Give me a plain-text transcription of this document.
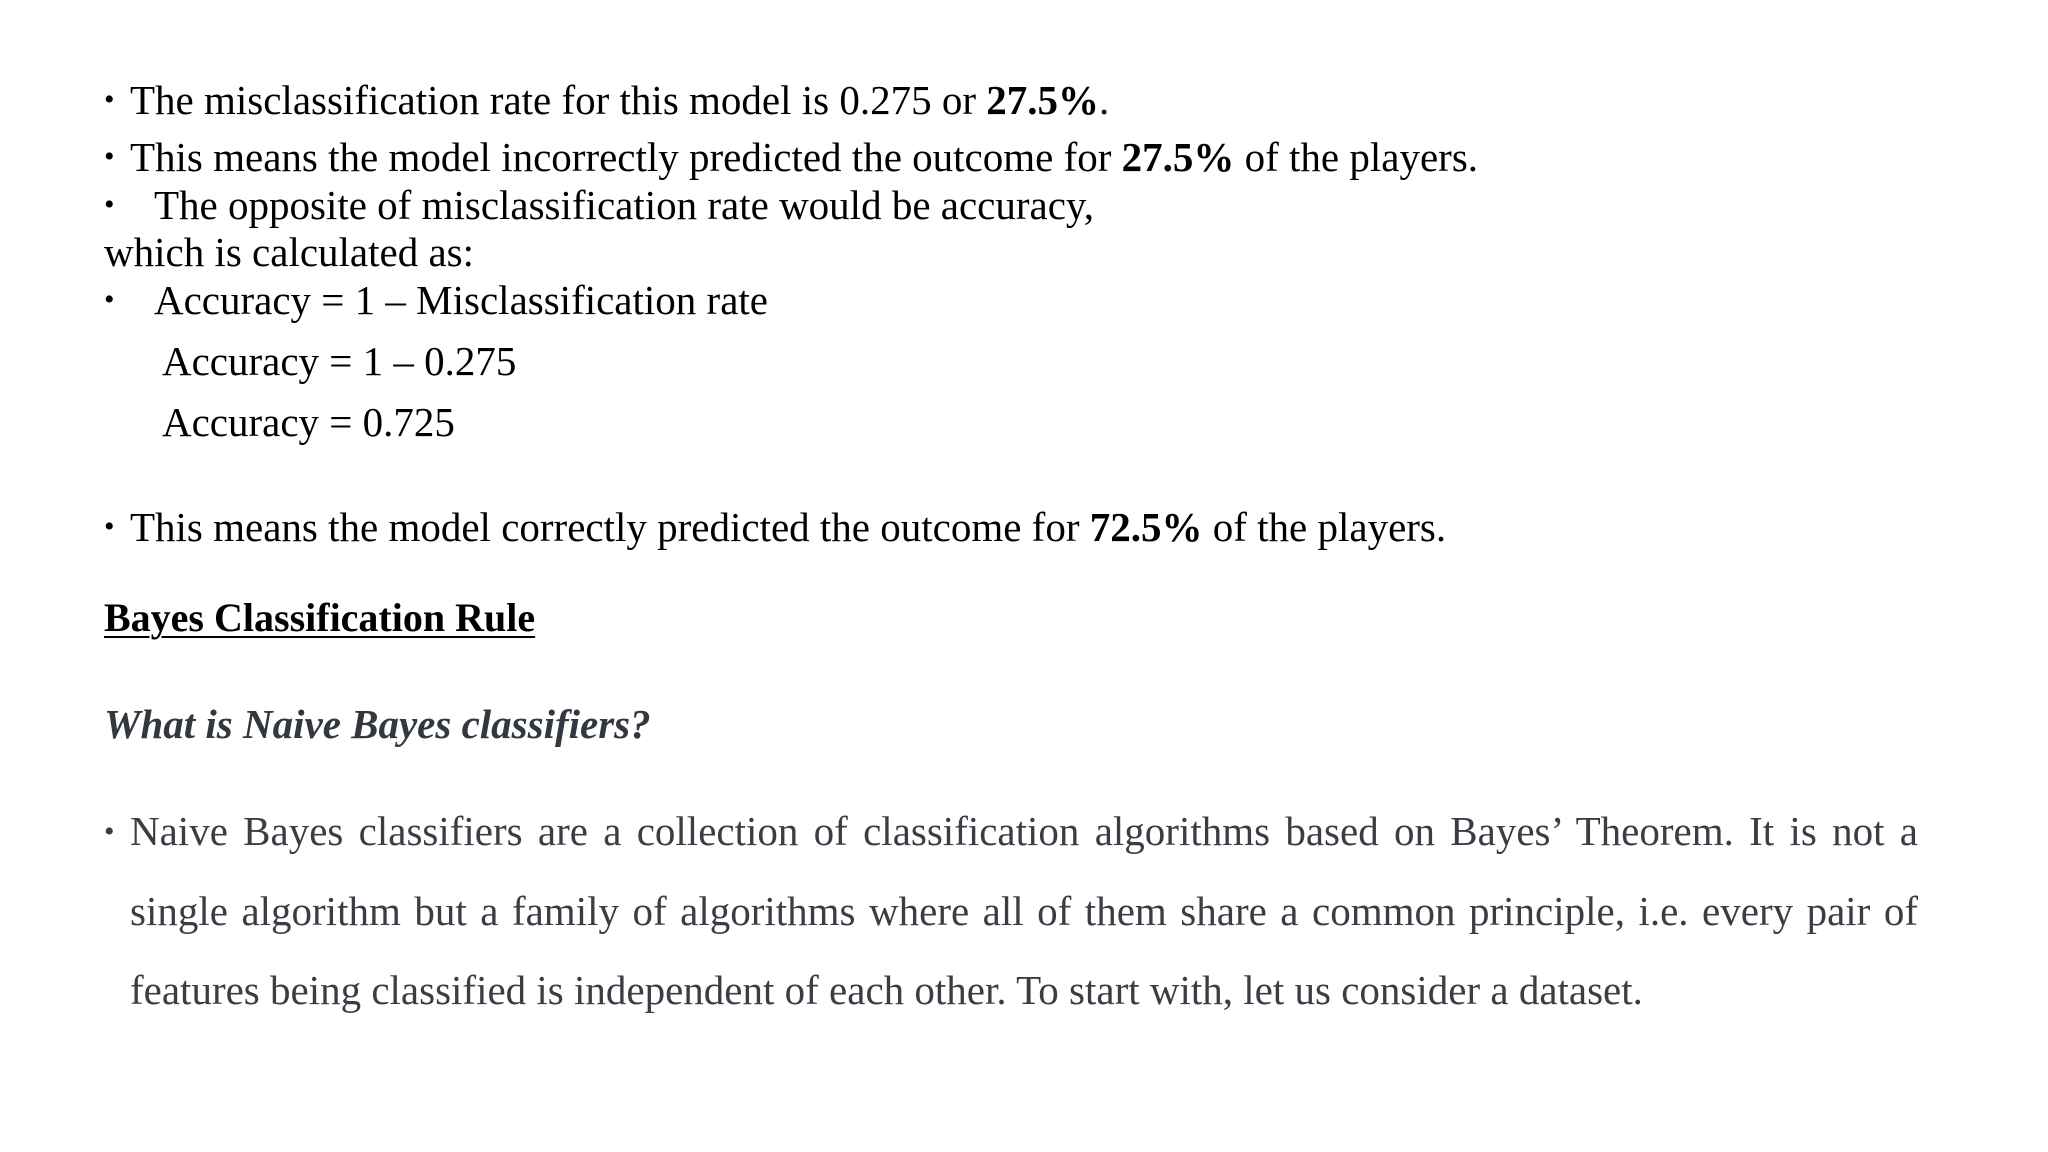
• The misclassification rate for this model is 0.275 or 27.5%.
• This means the model incorrectly predicted the outcome for 27.5% of the players.
• The opposite of misclassification rate would be accuracy,
which is calculated as:
• Accuracy = 1 – Misclassification rate
Accuracy = 1 – 0.275
Accuracy = 0.725
• This means the model correctly predicted the outcome for 72.5% of the players.
Bayes Classification Rule
What is Naive Bayes classifiers?
• Naive Bayes classifiers are a collection of classification algorithms based on Bayes’ Theorem. It is not a single algorithm but a family of algorithms where all of them share a common principle, i.e. every pair of features being classified is independent of each other. To start with, let us consider a dataset.
